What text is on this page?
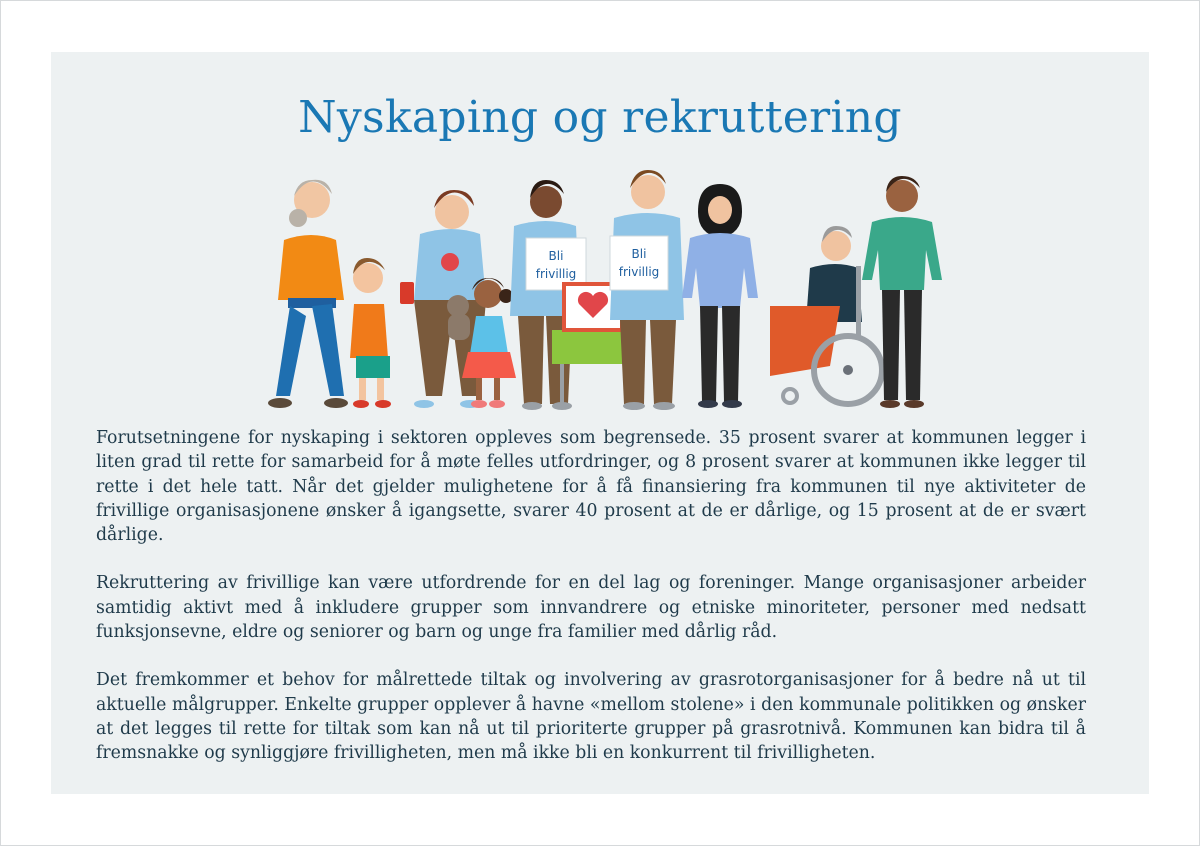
Nyskaping og rekruttering
Bli
frivillig
Bli
frivillig

Forutsetningene for nyskaping i sektoren oppleves som begrensede. 35 prosent svarer at kommunen legger i liten grad til rette for samarbeid for å møte felles utfordringer, og 8 prosent svarer at kommunen ikke legger til rette i det hele tatt. Når det gjelder mulighetene for å få finansiering fra kommunen til nye aktiviteter de frivillige organisasjonene ønsker å igangsette, svarer 40 prosent at de er dårlige, og 15 prosent at de er svært dårlige.

Rekruttering av frivillige kan være utfordrende for en del lag og foreninger. Mange organisasjoner arbeider samtidig aktivt med å inkludere grupper som innvandrere og etniske minoriteter, personer med nedsatt funksjonsevne, eldre og seniorer og barn og unge fra familier med dårlig råd.

Det fremkommer et behov for målrettede tiltak og involvering av grasrotorganisasjoner for å bedre nå ut til aktuelle målgrupper. Enkelte grupper opplever å havne «mellom stolene» i den kommunale politikken og ønsker at det legges til rette for tiltak som kan nå ut til prioriterte grupper på grasrotnivå. Kommunen kan bidra til å fremsnakke og synliggjøre frivilligheten, men må ikke bli en konkurrent til frivilligheten.
